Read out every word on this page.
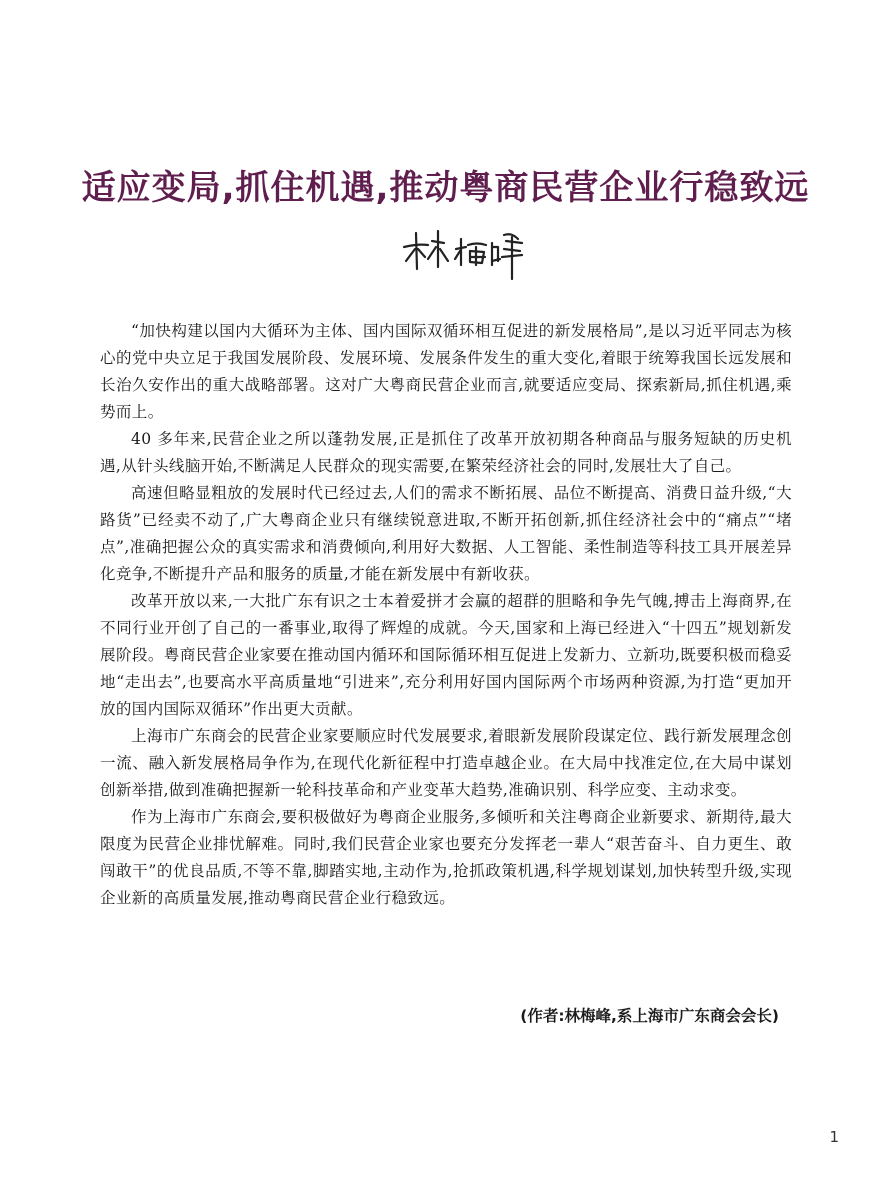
适应变局,抓住机遇,推动粤商民营企业行稳致远

“加快构建以国内大循环为主体、国内国际双循环相互促进的新发展格局”,是以习近平同志为核心的党中央立足于我国发展阶段、发展环境、发展条件发生的重大变化,着眼于统筹我国长远发展和长治久安作出的重大战略部署。这对广大粤商民营企业而言,就要适应变局、探索新局,抓住机遇,乘势而上。

40 多年来,民营企业之所以蓬勃发展,正是抓住了改革开放初期各种商品与服务短缺的历史机遇,从针头线脑开始,不断满足人民群众的现实需要,在繁荣经济社会的同时,发展壮大了自己。

高速但略显粗放的发展时代已经过去,人们的需求不断拓展、品位不断提高、消费日益升级,“大路货”已经卖不动了,广大粤商企业只有继续锐意进取,不断开拓创新,抓住经济社会中的“痛点”“堵点”,准确把握公众的真实需求和消费倾向,利用好大数据、人工智能、柔性制造等科技工具开展差异化竞争,不断提升产品和服务的质量,才能在新发展中有新收获。

改革开放以来,一大批广东有识之士本着爱拼才会赢的超群的胆略和争先气魄,搏击上海商界,在不同行业开创了自己的一番事业,取得了辉煌的成就。今天,国家和上海已经进入“十四五”规划新发展阶段。粤商民营企业家要在推动国内循环和国际循环相互促进上发新力、立新功,既要积极而稳妥地“走出去”,也要高水平高质量地“引进来”,充分利用好国内国际两个市场两种资源,为打造“更加开放的国内国际双循环”作出更大贡献。

上海市广东商会的民营企业家要顺应时代发展要求,着眼新发展阶段谋定位、践行新发展理念创一流、融入新发展格局争作为,在现代化新征程中打造卓越企业。在大局中找准定位,在大局中谋划创新举措,做到准确把握新一轮科技革命和产业变革大趋势,准确识别、科学应变、主动求变。

作为上海市广东商会,要积极做好为粤商企业服务,多倾听和关注粤商企业新要求、新期待,最大限度为民营企业排忧解难。同时,我们民营企业家也要充分发挥老一辈人“艰苦奋斗、自力更生、敢闯敢干”的优良品质,不等不靠,脚踏实地,主动作为,抢抓政策机遇,科学规划谋划,加快转型升级,实现企业新的高质量发展,推动粤商民营企业行稳致远。

(作者:林梅峰,系上海市广东商会会长)
1
